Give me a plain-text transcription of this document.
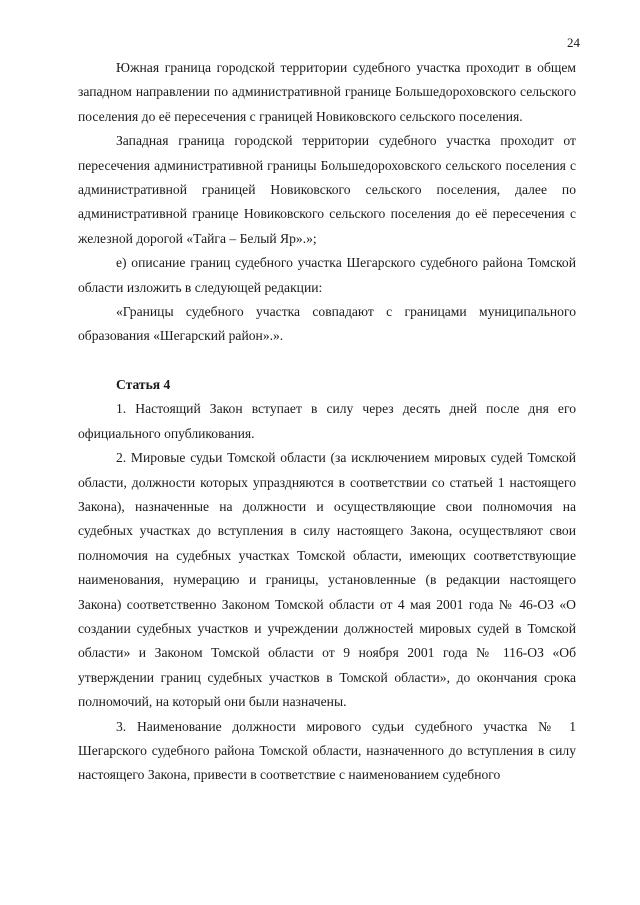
24

Южная граница городской территории судебного участка проходит в общем западном направлении по административной границе Большедороховского сельского поселения до её пересечения с границей Новиковского сельского поселения.

Западная граница городской территории судебного участка проходит от пересечения административной границы Большедороховского сельского поселения с административной границей Новиковского сельского поселения, далее по административной границе Новиковского сельского поселения до её пересечения с железной дорогой «Тайга – Белый Яр».»;

е) описание границ судебного участка Шегарского судебного района Томской области изложить в следующей редакции:

«Границы судебного участка совпадают с границами муниципального образования «Шегарский район».».

Статья 4

1. Настоящий Закон вступает в силу через десять дней после дня его официального опубликования.

2. Мировые судьи Томской области (за исключением мировых судей Томской области, должности которых упраздняются в соответствии со статьей 1 настоящего Закона), назначенные на должности и осуществляющие свои полномочия на судебных участках до вступления в силу настоящего Закона, осуществляют свои полномочия на судебных участках Томской области, имеющих соответствующие наименования, нумерацию и границы, установленные (в редакции настоящего Закона) соответственно Законом Томской области от 4 мая 2001 года № 46-ОЗ «О создании судебных участков и учреждении должностей мировых судей в Томской области» и Законом Томской области от 9 ноября 2001 года № 116-ОЗ «Об утверждении границ судебных участков в Томской области», до окончания срока полномочий, на который они были назначены.

3. Наименование должности мирового судьи судебного участка № 1 Шегарского судебного района Томской области, назначенного до вступления в силу настоящего Закона, привести в соответствие с наименованием судебного
